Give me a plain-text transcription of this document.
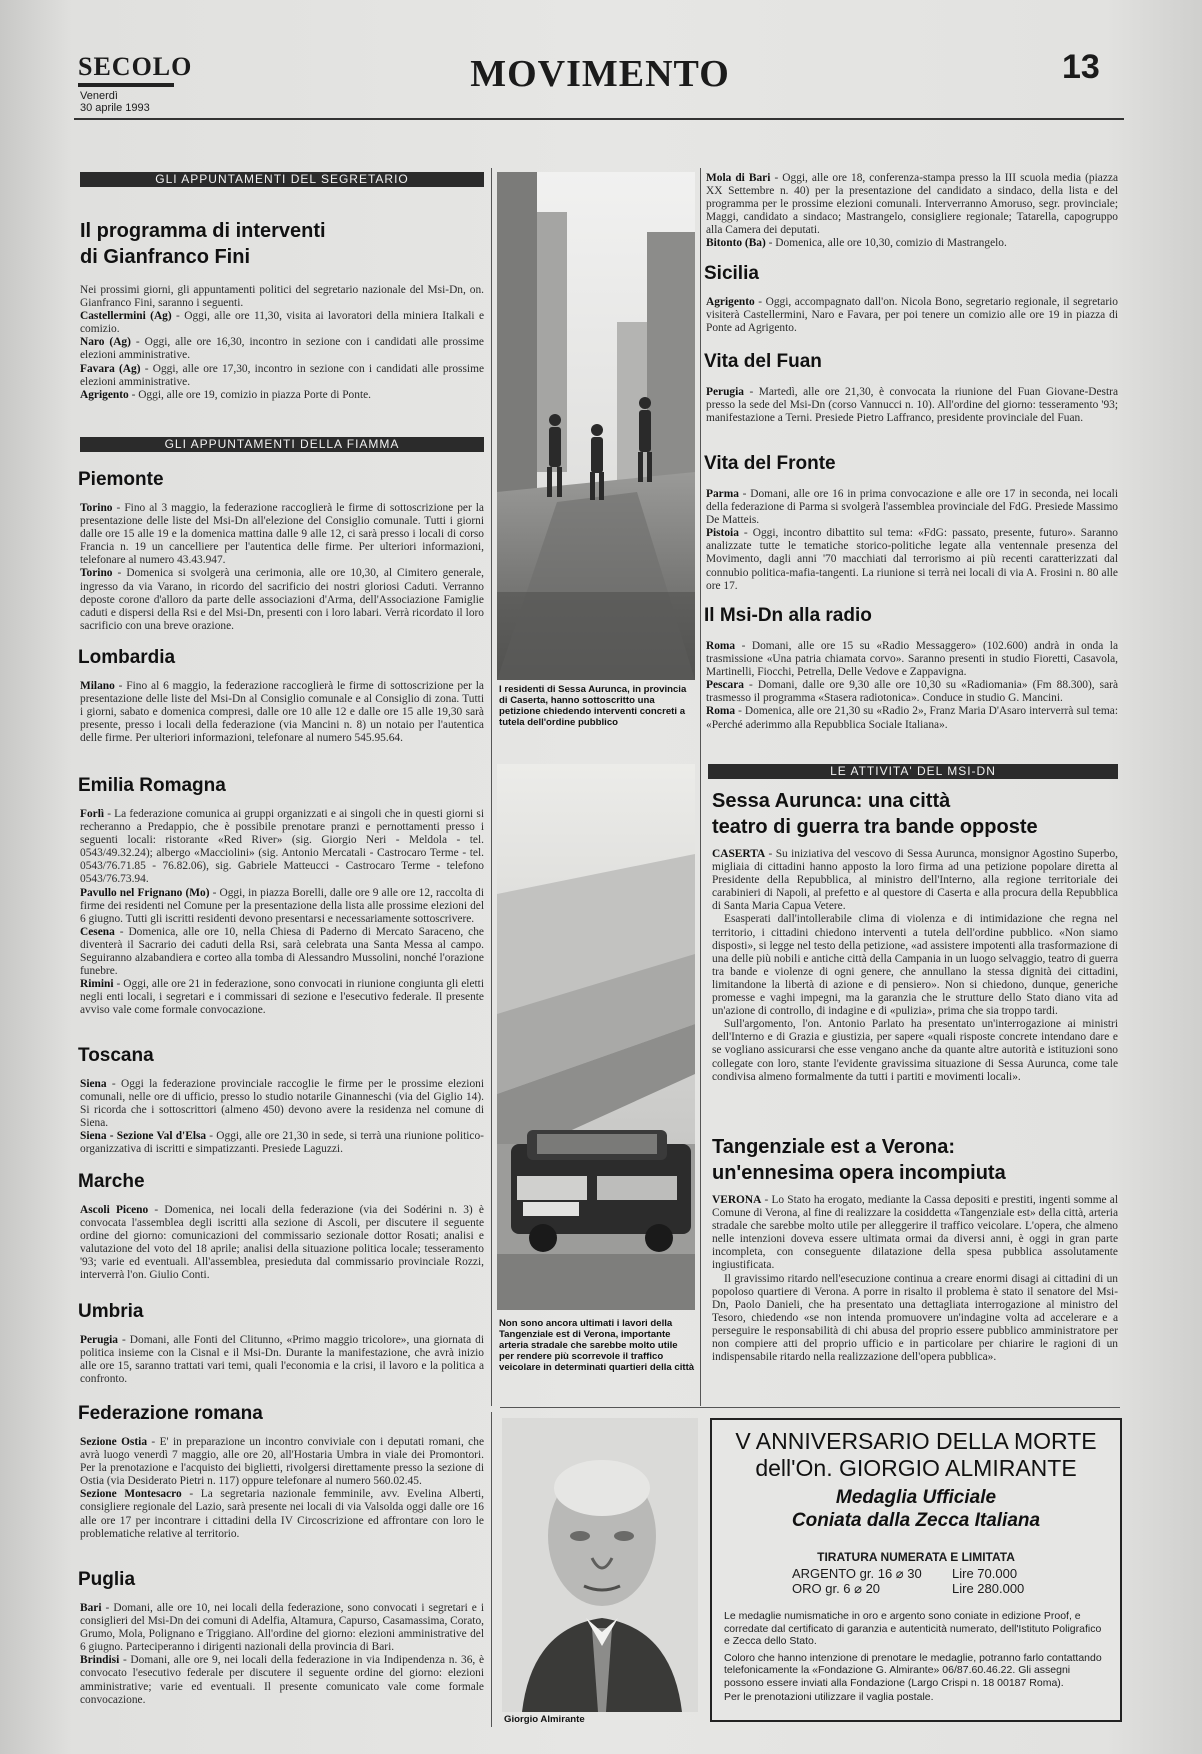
SECOLO
Venerdì
30 aprile 1993
MOVIMENTO	13
GLI APPUNTAMENTI DEL SEGRETARIO
Il programma di interventi
di Gianfranco Fini

Nei prossimi giorni, gli appuntamenti politici del segretario nazionale del Msi-Dn, on. Gianfranco Fini, saranno i seguenti.

Castellermini (Ag) - Oggi, alle ore 11,30, visita ai lavoratori della miniera Italkali e comizio.

Naro (Ag) - Oggi, alle ore 16,30, incontro in sezione con i candidati alle prossime elezioni amministrative.

Favara (Ag) - Oggi, alle ore 17,30, incontro in sezione con i candidati alle prossime elezioni amministrative.

Agrigento - Oggi, alle ore 19, comizio in piazza Porte di Ponte.

GLI APPUNTAMENTI DELLA FIAMMA
Piemonte

Torino - Fino al 3 maggio, la federazione raccoglierà le firme di sottoscrizione per la presentazione delle liste del Msi-Dn all'elezione del Consiglio comunale. Tutti i giorni dalle ore 15 alle 19 e la domenica mattina dalle 9 alle 12, ci sarà presso i locali di corso Francia n. 19 un cancelliere per l'autentica delle firme. Per ulteriori informazioni, telefonare al numero 43.43.947.

Torino - Domenica si svolgerà una cerimonia, alle ore 10,30, al Cimitero generale, ingresso da via Varano, in ricordo del sacrificio dei nostri gloriosi Caduti. Verranno deposte corone d'alloro da parte delle associazioni d'Arma, dell'Associazione Famiglie caduti e dispersi della Rsi e del Msi-Dn, presenti con i loro labari. Verrà ricordato il loro sacrificio con una breve orazione.

Lombardia

Milano - Fino al 6 maggio, la federazione raccoglierà le firme di sottoscrizione per la presentazione delle liste del Msi-Dn al Consiglio comunale e al Consiglio di zona. Tutti i giorni, sabato e domenica compresi, dalle ore 10 alle 12 e dalle ore 15 alle 19,30 sarà presente, presso i locali della federazione (via Mancini n. 8) un notaio per l'autentica delle firme. Per ulteriori informazioni, telefonare al numero 545.95.64.

Emilia Romagna

Forlì - La federazione comunica ai gruppi organizzati e ai singoli che in questi giorni si recheranno a Predappio, che è possibile prenotare pranzi e pernottamenti presso i seguenti locali: ristorante «Red River» (sig. Giorgio Neri - Meldola - tel. 0543/49.32.24); albergo «Macciolini» (sig. Antonio Mercatali - Castrocaro Terme - tel. 0543/76.71.85 - 76.82.06), sig. Gabriele Matteucci - Castrocaro Terme - telefono 0543/76.73.94.

Pavullo nel Frignano (Mo) - Oggi, in piazza Borelli, dalle ore 9 alle ore 12, raccolta di firme dei residenti nel Comune per la presentazione della lista alle prossime elezioni del 6 giugno. Tutti gli iscritti residenti devono presentarsi e necessariamente sottoscrivere.

Cesena - Domenica, alle ore 10, nella Chiesa di Paderno di Mercato Saraceno, che diventerà il Sacrario dei caduti della Rsi, sarà celebrata una Santa Messa al campo. Seguiranno alzabandiera e corteo alla tomba di Alessandro Mussolini, nonché l'orazione funebre.

Rimini - Oggi, alle ore 21 in federazione, sono convocati in riunione congiunta gli eletti negli enti locali, i segretari e i commissari di sezione e l'esecutivo federale. Il presente avviso vale come formale convocazione.

Toscana

Siena - Oggi la federazione provinciale raccoglie le firme per le prossime elezioni comunali, nelle ore di ufficio, presso lo studio notarile Ginanneschi (via del Giglio 14). Si ricorda che i sottoscrittori (almeno 450) devono avere la residenza nel comune di Siena.

Siena - Sezione Val d'Elsa - Oggi, alle ore 21,30 in sede, si terrà una riunione politico-organizzativa di iscritti e simpatizzanti. Presiede Laguzzi.

Marche

Ascoli Piceno - Domenica, nei locali della federazione (via dei Sodérini n. 3) è convocata l'assemblea degli iscritti alla sezione di Ascoli, per discutere il seguente ordine del giorno: comunicazioni del commissario sezionale dottor Rosati; analisi e valutazione del voto del 18 aprile; analisi della situazione politica locale; tesseramento '93; varie ed eventuali. All'assemblea, presieduta dal commissario provinciale Rozzi, interverrà l'on. Giulio Conti.

Umbria

Perugia - Domani, alle Fonti del Clitunno, «Primo maggio tricolore», una giornata di politica insieme con la Cisnal e il Msi-Dn. Durante la manifestazione, che avrà inizio alle ore 15, saranno trattati vari temi, quali l'economia e la crisi, il lavoro e la politica a confronto.

Federazione romana

Sezione Ostia - E' in preparazione un incontro conviviale con i deputati romani, che avrà luogo venerdì 7 maggio, alle ore 20, all'Hostaria Umbra in viale dei Promontori. Per la prenotazione e l'acquisto dei biglietti, rivolgersi direttamente presso la sezione di Ostia (via Desiderato Pietri n. 117) oppure telefonare al numero 560.02.45.

Sezione Montesacro - La segretaria nazionale femminile, avv. Evelina Alberti, consigliere regionale del Lazio, sarà presente nei locali di via Valsolda oggi dalle ore 16 alle ore 17 per incontrare i cittadini della IV Circoscrizione ed affrontare con loro le problematiche relative al territorio.

Puglia

Bari - Domani, alle ore 10, nei locali della federazione, sono convocati i segretari e i consiglieri del Msi-Dn dei comuni di Adelfia, Altamura, Capurso, Casamassima, Corato, Grumo, Mola, Polignano e Triggiano. All'ordine del giorno: elezioni amministrative del 6 giugno. Parteciperanno i dirigenti nazionali della provincia di Bari.

Brindisi - Domani, alle ore 9, nei locali della federazione in via Indipendenza n. 36, è convocato l'esecutivo federale per discutere il seguente ordine del giorno: elezioni amministrative; varie ed eventuali. Il presente comunicato vale come formale convocazione.

I residenti di Sessa Aurunca, in provincia di Caserta, hanno sottoscritto una petizione chiedendo interventi concreti a tutela dell'ordine pubblico
Non sono ancora ultimati i lavori della Tangenziale est di Verona, importante arteria stradale che sarebbe molto utile per rendere più scorrevole il traffico veicolare in determinati quartieri della città
Giorgio Almirante

Mola di Bari - Oggi, alle ore 18, conferenza-stampa presso la III scuola media (piazza XX Settembre n. 40) per la presentazione del candidato a sindaco, della lista e del programma per le prossime elezioni comunali. Interverranno Amoruso, segr. provinciale; Maggi, candidato a sindaco; Mastrangelo, consigliere regionale; Tatarella, capogruppo alla Camera dei deputati.

Bitonto (Ba) - Domenica, alle ore 10,30, comizio di Mastrangelo.

Sicilia

Agrigento - Oggi, accompagnato dall'on. Nicola Bono, segretario regionale, il segretario visiterà Castellermini, Naro e Favara, per poi tenere un comizio alle ore 19 in piazza di Ponte ad Agrigento.

Vita del Fuan

Perugia - Martedì, alle ore 21,30, è convocata la riunione del Fuan Giovane-Destra presso la sede del Msi-Dn (corso Vannucci n. 10). All'ordine del giorno: tesseramento '93; manifestazione a Terni. Presiede Pietro Laffranco, presidente provinciale del Fuan.

Vita del Fronte

Parma - Domani, alle ore 16 in prima convocazione e alle ore 17 in seconda, nei locali della federazione di Parma si svolgerà l'assemblea provinciale del FdG. Presiede Massimo De Matteis.

Pistoia - Oggi, incontro dibattito sul tema: «FdG: passato, presente, futuro». Saranno analizzate tutte le tematiche storico-politiche legate alla ventennale presenza del Movimento, dagli anni '70 macchiati dal terrorismo ai più recenti caratterizzati dal connubio politica-mafia-tangenti. La riunione si terrà nei locali di via A. Frosini n. 80 alle ore 17.

Il Msi-Dn alla radio

Roma - Domani, alle ore 15 su «Radio Messaggero» (102.600) andrà in onda la trasmissione «Una patria chiamata corvo». Saranno presenti in studio Fioretti, Casavola, Martinelli, Fiocchi, Petrella, Delle Vedove e Zappavigna.

Pescara - Domani, dalle ore 9,30 alle ore 10,30 su «Radiomania» (Fm 88.300), sarà trasmesso il programma «Stasera radiotonica». Conduce in studio G. Mancini.

Roma - Domenica, alle ore 21,30 su «Radio 2», Franz Maria D'Asaro interverrà sul tema: «Perché aderimmo alla Repubblica Sociale Italiana».

LE ATTIVITA' DEL MSI-DN
Sessa Aurunca: una città
teatro di guerra tra bande opposte

CASERTA - Su iniziativa del vescovo di Sessa Aurunca, monsignor Agostino Superbo, migliaia di cittadini hanno apposto la loro firma ad una petizione popolare diretta al Presidente della Repubblica, al ministro dell'Interno, alla regione territoriale dei carabinieri di Napoli, al prefetto e al questore di Caserta e alla procura della Repubblica di Santa Maria Capua Vetere.

Esasperati dall'intollerabile clima di violenza e di intimidazione che regna nel territorio, i cittadini chiedono interventi a tutela dell'ordine pubblico. «Non siamo disposti», si legge nel testo della petizione, «ad assistere impotenti alla trasformazione di una delle più nobili e antiche città della Campania in un luogo selvaggio, teatro di guerra tra bande e violenze di ogni genere, che annullano la stessa dignità dei cittadini, limitandone la libertà di azione e di pensiero». Non si chiedono, dunque, generiche promesse e vaghi impegni, ma la garanzia che le strutture dello Stato diano vita ad un'azione di controllo, di indagine e di «pulizia», prima che sia troppo tardi.

Sull'argomento, l'on. Antonio Parlato ha presentato un'interrogazione ai ministri dell'Interno e di Grazia e giustizia, per sapere «quali risposte concrete intendano dare e se vogliano assicurarsi che esse vengano anche da quante altre autorità e istituzioni sono collegate con loro, stante l'evidente gravissima situazione di Sessa Aurunca, come tale condivisa almeno formalmente da tutti i partiti e movimenti locali».

Tangenziale est a Verona:
un'ennesima opera incompiuta

VERONA - Lo Stato ha erogato, mediante la Cassa depositi e prestiti, ingenti somme al Comune di Verona, al fine di realizzare la cosiddetta «Tangenziale est» della città, arteria stradale che sarebbe molto utile per alleggerire il traffico veicolare. L'opera, che almeno nelle intenzioni doveva essere ultimata ormai da diversi anni, è oggi in gran parte incompleta, con conseguente dilatazione della spesa pubblica assolutamente ingiustificata.

Il gravissimo ritardo nell'esecuzione continua a creare enormi disagi ai cittadini di un popoloso quartiere di Verona. A porre in risalto il problema è stato il senatore del Msi-Dn, Paolo Danieli, che ha presentato una dettagliata interrogazione al ministro del Tesoro, chiedendo «se non intenda promuovere un'indagine volta ad accelerare e a perseguire le responsabilità di chi abusa del proprio essere pubblico amministratore per non compiere atti del proprio ufficio e in particolare per chiarire le ragioni di un indispensabile ritardo nella realizzazione dell'opera pubblica».

V ANNIVERSARIO DELLA MORTE
dell'On. GIORGIO ALMIRANTE
Medaglia Ufficiale
Coniata dalla Zecca Italiana
TIRATURA NUMERATA E LIMITATA
ARGENTO gr. 16 ⌀ 30 Lire 70.000
ORO gr. 6 ⌀ 20	Lire 280.000

Le medaglie numismatiche in oro e argento sono coniate in edizione Proof, e corredate dal certificato di garanzia e autenticità numerato, dell'Istituto Poligrafico e Zecca dello Stato.

Coloro che hanno intenzione di prenotare le medaglie, potranno farlo contattando telefonicamente la «Fondazione G. Almirante» 06/87.60.46.22. Gli assegni possono essere inviati alla Fondazione (Largo Crispi n. 18 00187 Roma).

Per le prenotazioni utilizzare il vaglia postale.
